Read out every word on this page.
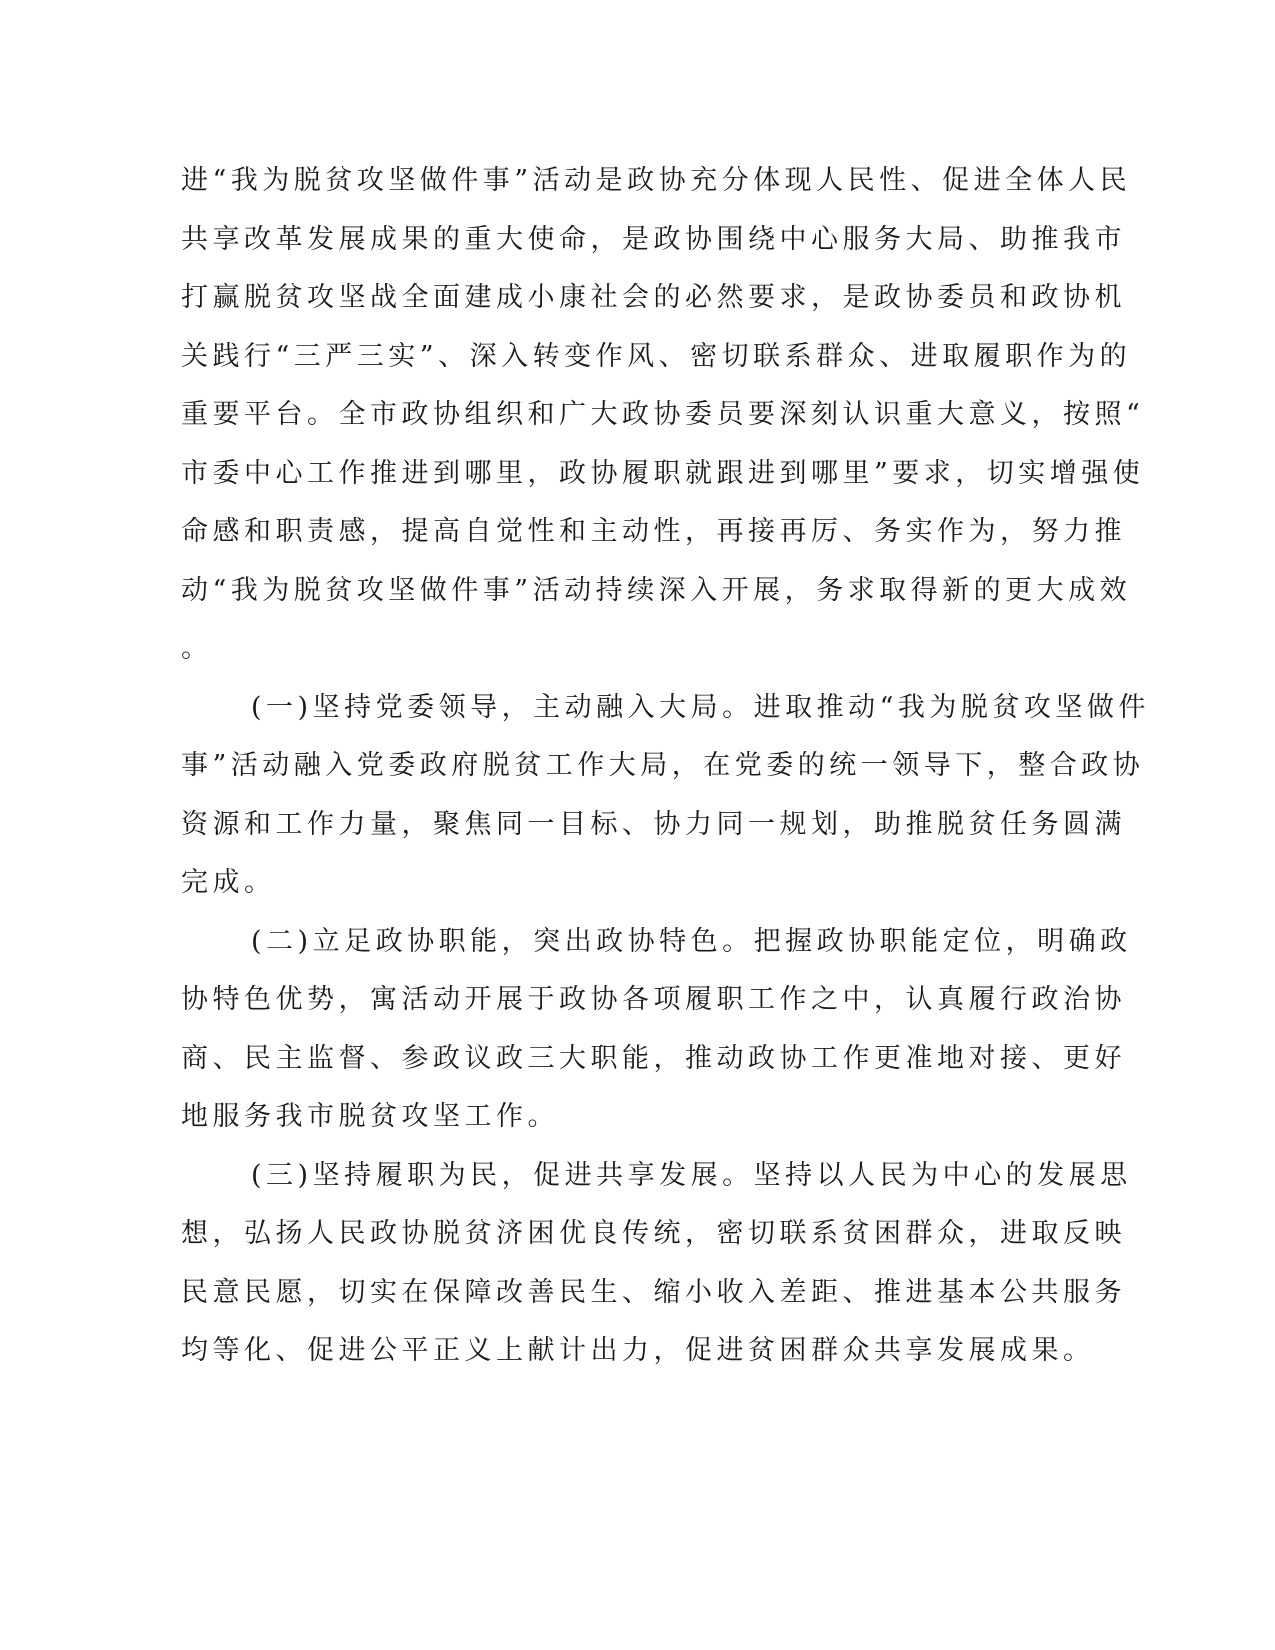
进“我为脱贫攻坚做件事”活动是政协充分体现人民性、促进全体人民
共享改革发展成果的重大使命，是政协围绕中心服务大局、助推我市
打赢脱贫攻坚战全面建成小康社会的必然要求，是政协委员和政协机
关践行“三严三实”、深入转变作风、密切联系群众、进取履职作为的
重要平台。全市政协组织和广大政协委员要深刻认识重大意义，按照“
市委中心工作推进到哪里，政协履职就跟进到哪里”要求，切实增强使
命感和职责感，提高自觉性和主动性，再接再厉、务实作为，努力推
动“我为脱贫攻坚做件事”活动持续深入开展，务求取得新的更大成效
。
(一)坚持党委领导，主动融入大局。进取推动“我为脱贫攻坚做件
事”活动融入党委政府脱贫工作大局，在党委的统一领导下，整合政协
资源和工作力量，聚焦同一目标、协力同一规划，助推脱贫任务圆满
完成。
(二)立足政协职能，突出政协特色。把握政协职能定位，明确政
协特色优势，寓活动开展于政协各项履职工作之中，认真履行政治协
商、民主监督、参政议政三大职能，推动政协工作更准地对接、更好
地服务我市脱贫攻坚工作。
(三)坚持履职为民，促进共享发展。坚持以人民为中心的发展思
想，弘扬人民政协脱贫济困优良传统，密切联系贫困群众，进取反映
民意民愿，切实在保障改善民生、缩小收入差距、推进基本公共服务
均等化、促进公平正义上献计出力，促进贫困群众共享发展成果。
